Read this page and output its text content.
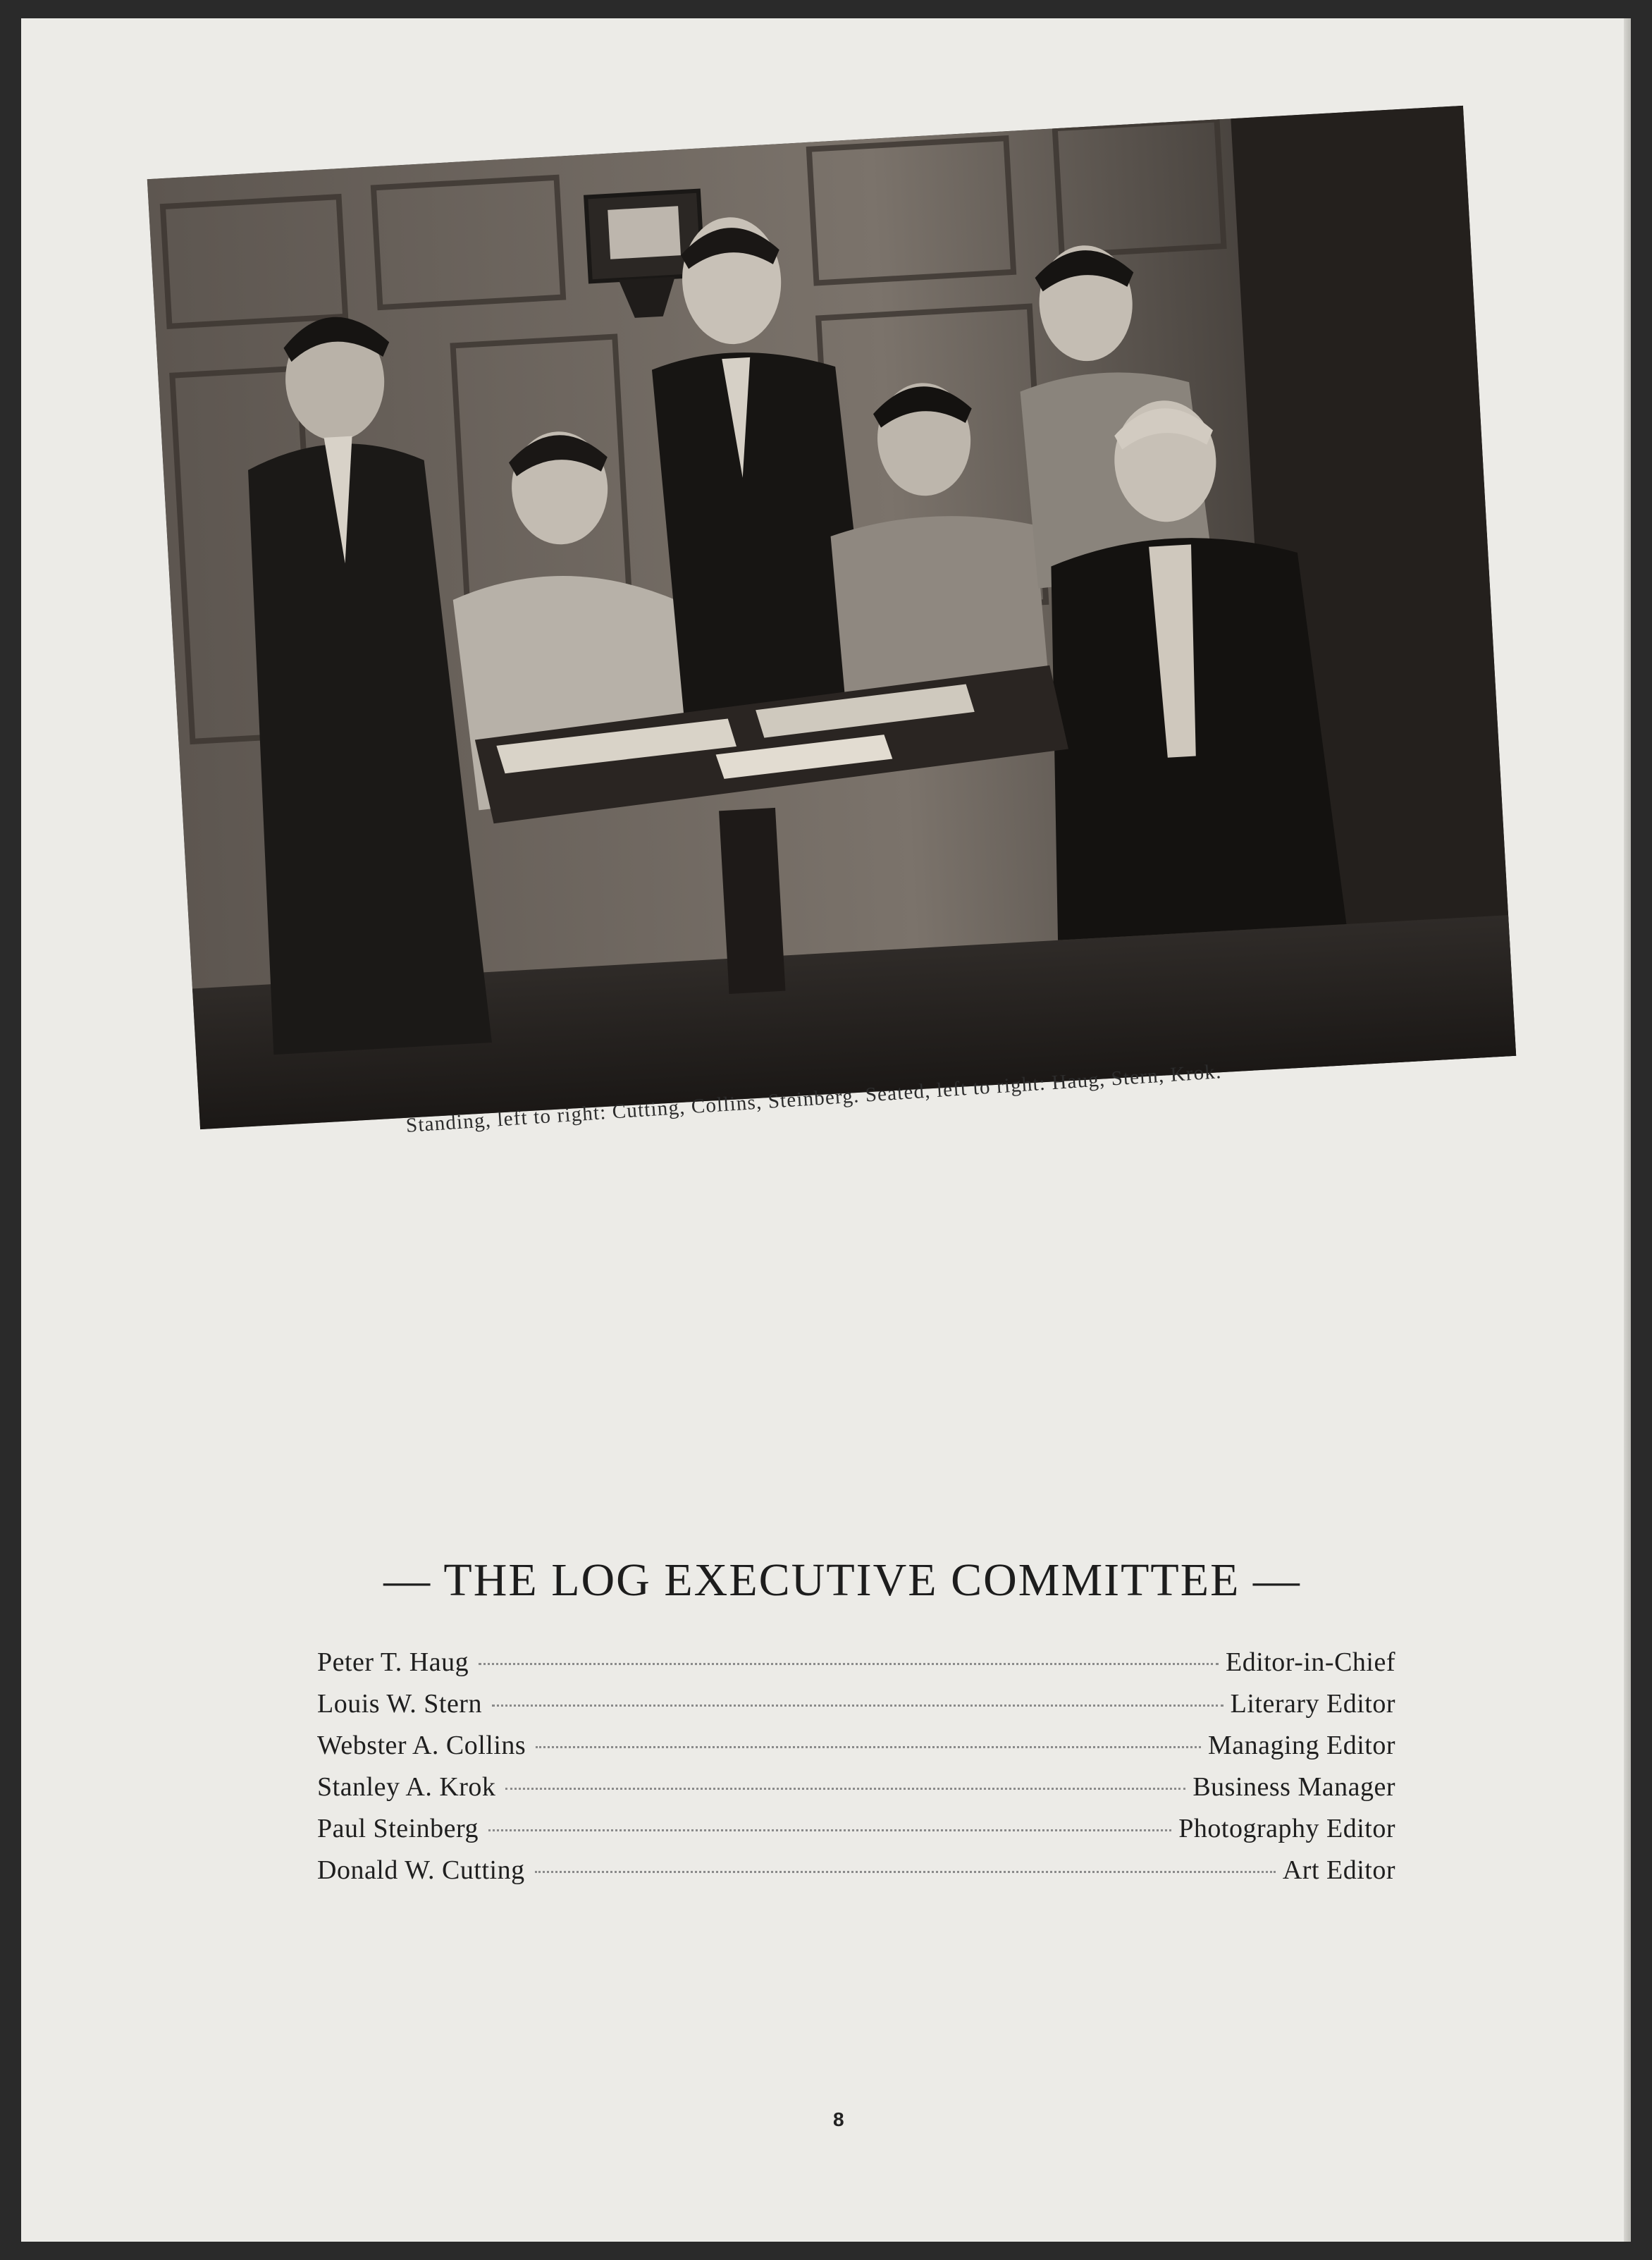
Standing, left to right: Cutting, Collins, Steinberg. Seated, left to right: Haug, Stern, Krok.
— THE LOG EXECUTIVE COMMITTEE —
Peter T. Haug	Editor-in-Chief
Louis W. Stern	Literary Editor
Webster A. Collins	Managing Editor
Stanley A. Krok	Business Manager
Paul Steinberg	Photography Editor
Donald W. Cutting	Art Editor
8
